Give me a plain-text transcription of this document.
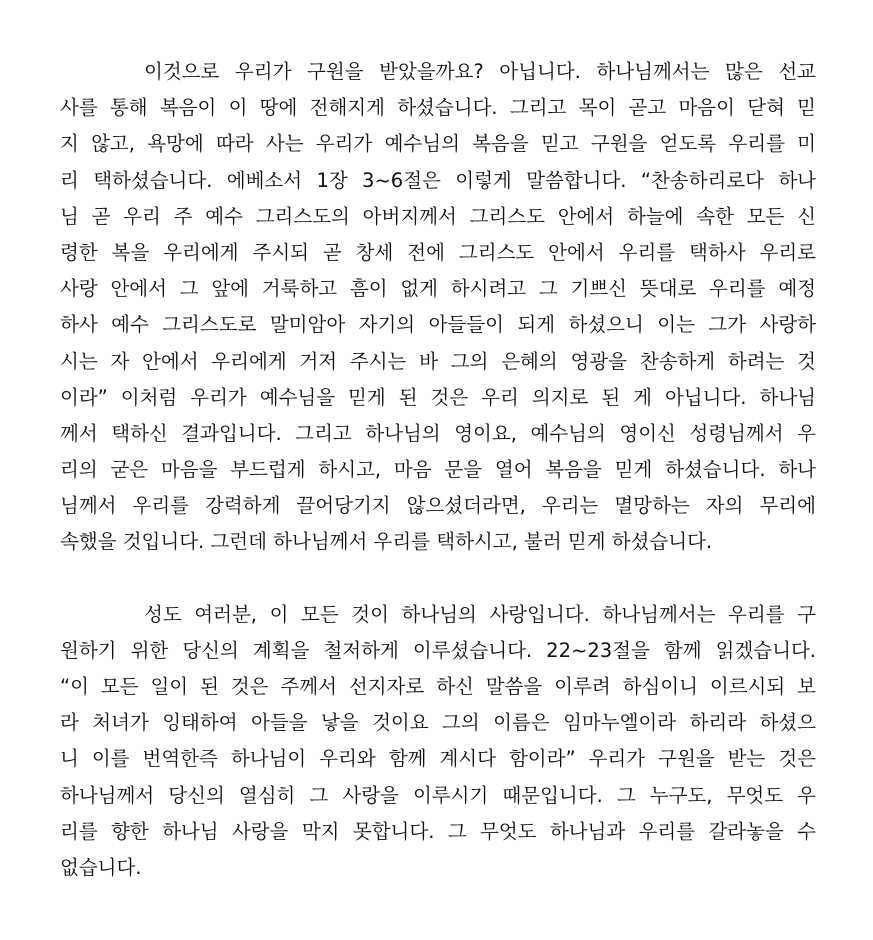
이것으로 우리가 구원을 받았을까요? 아닙니다. 하나님께서는 많은 선교
사를 통해 복음이 이 땅에 전해지게 하셨습니다. 그리고 목이 곧고 마음이 닫혀 믿
지 않고, 욕망에 따라 사는 우리가 예수님의 복음을 믿고 구원을 얻도록 우리를 미
리 택하셨습니다. 에베소서 1장 3~6절은 이렇게 말씀합니다. “찬송하리로다 하나
님 곧 우리 주 예수 그리스도의 아버지께서 그리스도 안에서 하늘에 속한 모든 신
령한 복을 우리에게 주시되 곧 창세 전에 그리스도 안에서 우리를 택하사 우리로
사랑 안에서 그 앞에 거룩하고 흠이 없게 하시려고 그 기쁘신 뜻대로 우리를 예정
하사 예수 그리스도로 말미암아 자기의 아들들이 되게 하셨으니 이는 그가 사랑하
시는 자 안에서 우리에게 거저 주시는 바 그의 은혜의 영광을 찬송하게 하려는 것
이라” 이처럼 우리가 예수님을 믿게 된 것은 우리 의지로 된 게 아닙니다. 하나님
께서 택하신 결과입니다. 그리고 하나님의 영이요, 예수님의 영이신 성령님께서 우
리의 굳은 마음을 부드럽게 하시고, 마음 문을 열어 복음을 믿게 하셨습니다. 하나
님께서 우리를 강력하게 끌어당기지 않으셨더라면, 우리는 멸망하는 자의 무리에
속했을 것입니다. 그런데 하나님께서 우리를 택하시고, 불러 믿게 하셨습니다.
성도 여러분, 이 모든 것이 하나님의 사랑입니다. 하나님께서는 우리를 구
원하기 위한 당신의 계획을 철저하게 이루셨습니다. 22~23절을 함께 읽겠습니다.
“이 모든 일이 된 것은 주께서 선지자로 하신 말씀을 이루려 하심이니 이르시되 보
라 처녀가 잉태하여 아들을 낳을 것이요 그의 이름은 임마누엘이라 하리라 하셨으
니 이를 번역한즉 하나님이 우리와 함께 계시다 함이라” 우리가 구원을 받는 것은
하나님께서 당신의 열심히 그 사랑을 이루시기 때문입니다. 그 누구도, 무엇도 우
리를 향한 하나님 사랑을 막지 못합니다. 그 무엇도 하나님과 우리를 갈라놓을 수
없습니다.
